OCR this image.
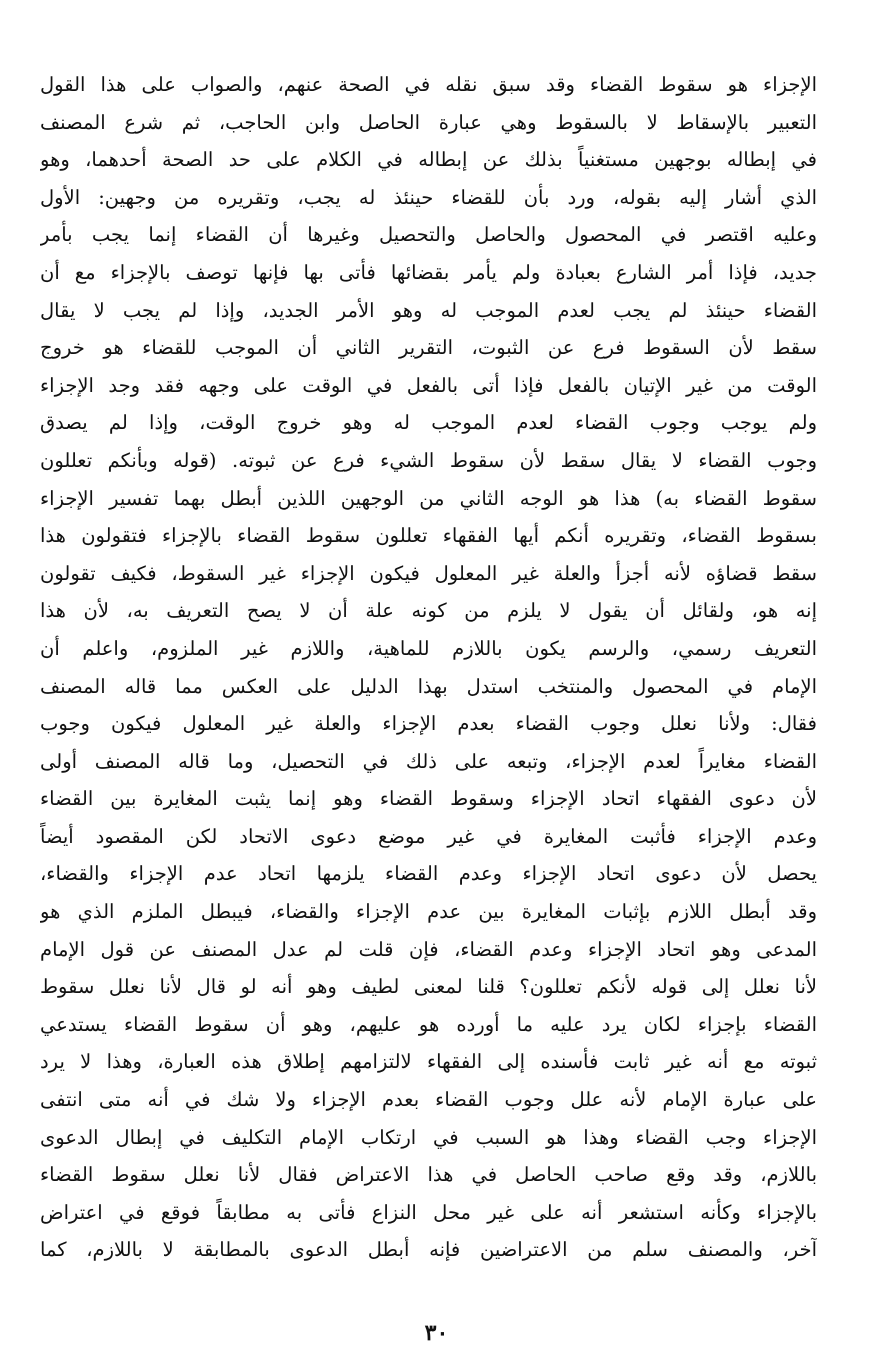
الإجزاء هو سقوط القضاء وقد سبق نقله في الصحة عنهم، والصواب على هذا القول
التعبير بالإسقاط لا بالسقوط وهي عبارة الحاصل وابن الحاجب، ثم شرع المصنف
في إبطاله بوجهين مستغنياً بذلك عن إبطاله في الكلام على حد الصحة أحدهما، وهو
الذي أشار إليه بقوله، ورد بأن للقضاء حينئذ له يجب، وتقريره من وجهين: الأول
وعليه اقتصر في المحصول والحاصل والتحصيل وغيرها أن القضاء إنما يجب بأمر
جديد، فإذا أمر الشارع بعبادة ولم يأمر بقضائها فأتى بها فإنها توصف بالإجزاء مع أن
القضاء حينئذ لم يجب لعدم الموجب له وهو الأمر الجديد، وإذا لم يجب لا يقال
سقط لأن السقوط فرع عن الثبوت، التقرير الثاني أن الموجب للقضاء هو خروج
الوقت من غير الإتيان بالفعل فإذا أتى بالفعل في الوقت على وجهه فقد وجد الإجزاء
ولم يوجب وجوب القضاء لعدم الموجب له وهو خروج الوقت، وإذا لم يصدق
وجوب القضاء لا يقال سقط لأن سقوط الشيء فرع عن ثبوته. (قوله وبأنكم تعللون
سقوط القضاء به) هذا هو الوجه الثاني من الوجهين اللذين أبطل بهما تفسير الإجزاء
بسقوط القضاء، وتقريره أنكم أيها الفقهاء تعللون سقوط القضاء بالإجزاء فتقولون هذا
سقط قضاؤه لأنه أجزأ والعلة غير المعلول فيكون الإجزاء غير السقوط، فكيف تقولون
إنه هو، ولقائل أن يقول لا يلزم من كونه علة أن لا يصح التعريف به، لأن هذا
التعريف رسمي، والرسم يكون باللازم للماهية، واللازم غير الملزوم، واعلم أن
الإمام في المحصول والمنتخب استدل بهذا الدليل على العكس مما قاله المصنف
فقال: ولأنا نعلل وجوب القضاء بعدم الإجزاء والعلة غير المعلول فيكون وجوب
القضاء مغايراً لعدم الإجزاء، وتبعه على ذلك في التحصيل، وما قاله المصنف أولى
لأن دعوى الفقهاء اتحاد الإجزاء وسقوط القضاء وهو إنما يثبت المغايرة بين القضاء
وعدم الإجزاء فأثبت المغايرة في غير موضع دعوى الاتحاد لكن المقصود أيضاً
يحصل لأن دعوى اتحاد الإجزاء وعدم القضاء يلزمها اتحاد عدم الإجزاء والقضاء،
وقد أبطل اللازم بإثبات المغايرة بين عدم الإجزاء والقضاء، فيبطل الملزم الذي هو
المدعى وهو اتحاد الإجزاء وعدم القضاء، فإن قلت لم عدل المصنف عن قول الإمام
لأنا نعلل إلى قوله لأنكم تعللون؟ قلنا لمعنى لطيف وهو أنه لو قال لأنا نعلل سقوط
القضاء بإجزاء لكان يرد عليه ما أورده هو عليهم، وهو أن سقوط القضاء يستدعي
ثبوته مع أنه غير ثابت فأسنده إلى الفقهاء لالتزامهم إطلاق هذه العبارة، وهذا لا يرد
على عبارة الإمام لأنه علل وجوب القضاء بعدم الإجزاء ولا شك في أنه متى انتفى
الإجزاء وجب القضاء وهذا هو السبب في ارتكاب الإمام التكليف في إبطال الدعوى
باللازم، وقد وقع صاحب الحاصل في هذا الاعتراض فقال لأنا نعلل سقوط القضاء
بالإجزاء وكأنه استشعر أنه على غير محل النزاع فأتى به مطابقاً فوقع في اعتراض
آخر، والمصنف سلم من الاعتراضين فإنه أبطل الدعوى بالمطابقة لا باللازم، كما
٣٠
